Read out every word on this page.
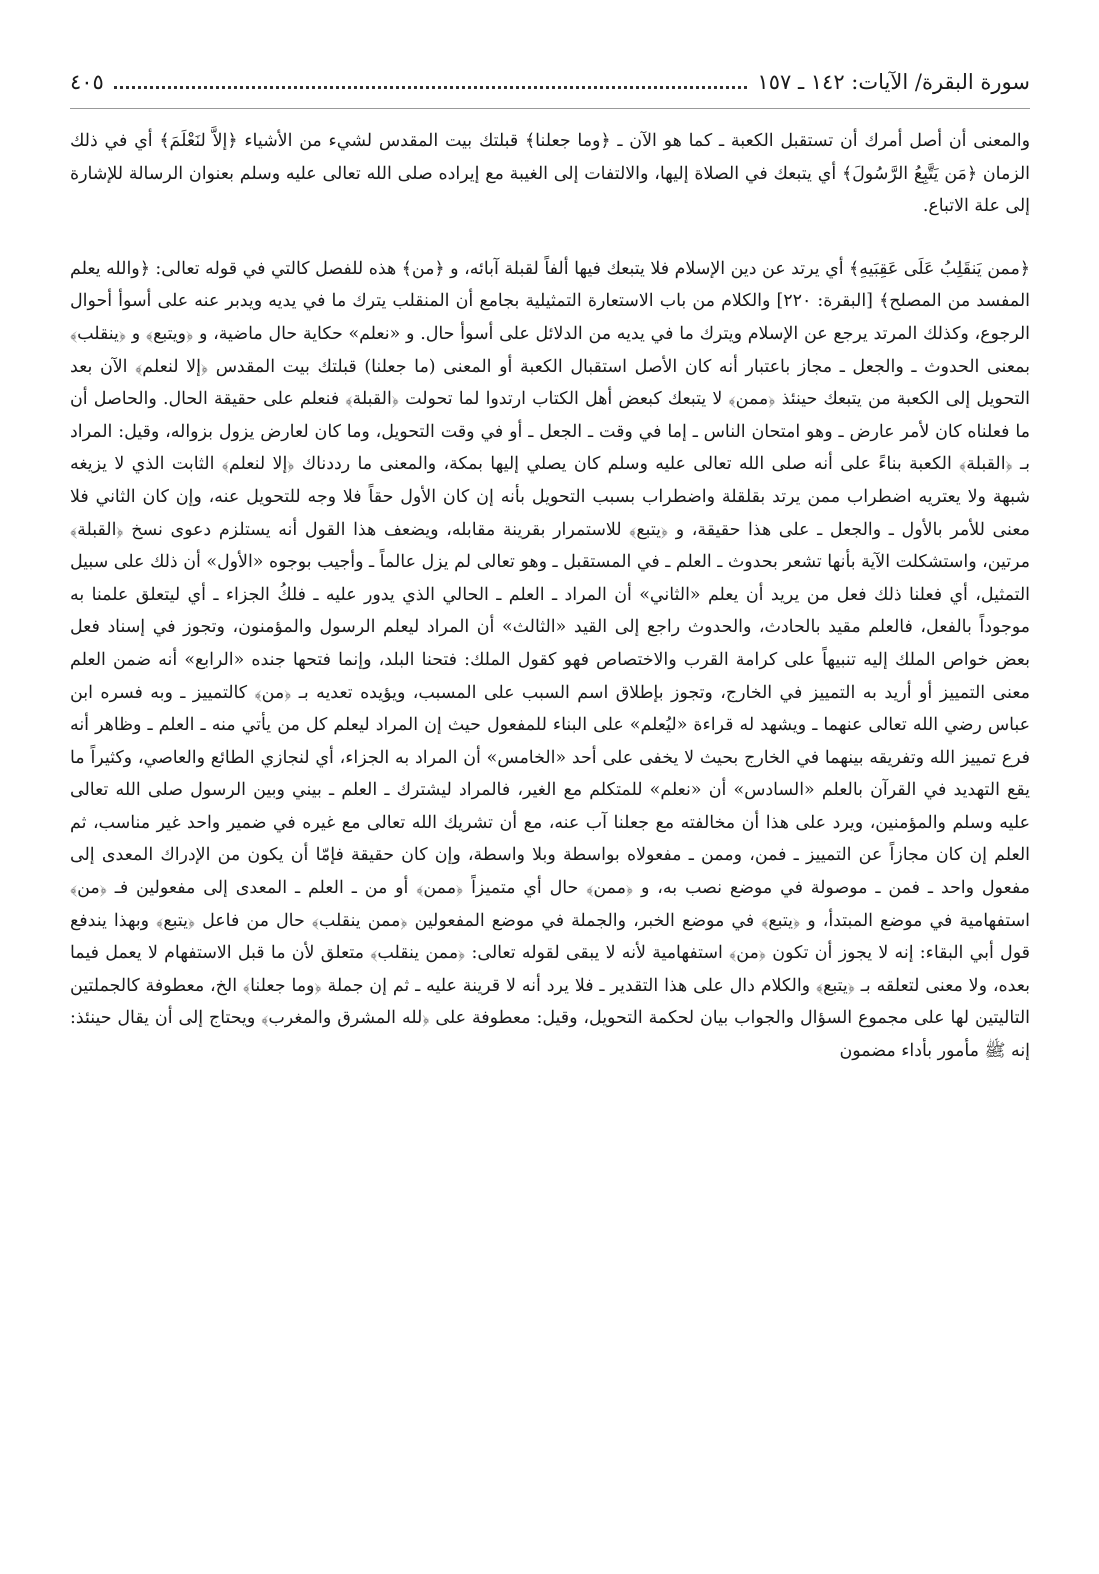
سورة البقرة/ الآيات: ١٤٢ ـ ١٥٧
٤٠٥

والمعنى أن أصل أمرك أن تستقبل الكعبة ـ كما هو الآن ـ ﴿وما جعلنا﴾ قبلتك بيت المقدس لشيء من الأشياء ﴿إلاَّ لنَعْلَمَ﴾ أي في ذلك الزمان ﴿مَن يَتَّبِعُ الرَّسُولَ﴾ أي يتبعك في الصلاة إليها، والالتفات إلى الغيبة مع إيراده صلى الله تعالى عليه وسلم بعنوان الرسالة للإشارة إلى علة الاتباع.

﴿ممن يَنقَلِبُ عَلَى عَقِبَيهِ﴾ أي يرتد عن دين الإسلام فلا يتبعك فيها ألفاً لقبلة آبائه، و ﴿من﴾ هذه للفصل كالتي في قوله تعالى: ﴿والله يعلم المفسد من المصلح﴾ [البقرة: ٢٢٠] والكلام من باب الاستعارة التمثيلية بجامع أن المنقلب يترك ما في يديه ويدبر عنه على أسوأ أحوال الرجوع، وكذلك المرتد يرجع عن الإسلام ويترك ما في يديه من الدلائل على أسوأ حال. و «نعلم» حكاية حال ماضية، و ﴿ويتبع﴾ و ﴿ينقلب﴾ بمعنى الحدوث ـ والجعل ـ مجاز باعتبار أنه كان الأصل استقبال الكعبة أو المعنى (ما جعلنا) قبلتك بيت المقدس ﴿إلا لنعلم﴾ الآن بعد التحويل إلى الكعبة من يتبعك حينئذ ﴿ممن﴾ لا يتبعك كبعض أهل الكتاب ارتدوا لما تحولت ﴿القبلة﴾ فنعلم على حقيقة الحال. والحاصل أن ما فعلناه كان لأمر عارض ـ وهو امتحان الناس ـ إما في وقت ـ الجعل ـ أو في وقت التحويل، وما كان لعارض يزول بزواله، وقيل: المراد بـ ﴿القبلة﴾ الكعبة بناءً على أنه صلى الله تعالى عليه وسلم كان يصلي إليها بمكة، والمعنى ما رددناك ﴿إلا لنعلم﴾ الثابت الذي لا يزيغه شبهة ولا يعتريه اضطراب ممن يرتد بقلقلة واضطراب بسبب التحويل بأنه إن كان الأول حقاً فلا وجه للتحويل عنه، وإن كان الثاني فلا معنى للأمر بالأول ـ والجعل ـ على هذا حقيقة، و ﴿يتبع﴾ للاستمرار بقرينة مقابله، ويضعف هذا القول أنه يستلزم دعوى نسخ ﴿القبلة﴾ مرتين، واستشكلت الآية بأنها تشعر بحدوث ـ العلم ـ في المستقبل ـ وهو تعالى لم يزل عالماً ـ وأجيب بوجوه «الأول» أن ذلك على سبيل التمثيل، أي فعلنا ذلك فعل من يريد أن يعلم «الثاني» أن المراد ـ العلم ـ الحالي الذي يدور عليه ـ فلكُ الجزاء ـ أي ليتعلق علمنا به موجوداً بالفعل، فالعلم مقيد بالحادث، والحدوث راجع إلى القيد «الثالث» أن المراد ليعلم الرسول والمؤمنون، وتجوز في إسناد فعل بعض خواص الملك إليه تنبيهاً على كرامة القرب والاختصاص فهو كقول الملك: فتحنا البلد، وإنما فتحها جنده «الرابع» أنه ضمن العلم معنى التمييز أو أريد به التمييز في الخارج، وتجوز بإطلاق اسم السبب على المسبب، ويؤيده تعديه بـ ﴿من﴾ كالتمييز ـ وبه فسره ابن عباس رضي الله تعالى عنهما ـ ويشهد له قراءة «ليُعلم» على البناء للمفعول حيث إن المراد ليعلم كل من يأتي منه ـ العلم ـ وظاهر أنه فرع تمييز الله وتفريقه بينهما في الخارج بحيث لا يخفى على أحد «الخامس» أن المراد به الجزاء، أي لنجازي الطائع والعاصي، وكثيراً ما يقع التهديد في القرآن بالعلم «السادس» أن «نعلم» للمتكلم مع الغير، فالمراد ليشترك ـ العلم ـ بيني وبين الرسول صلى الله تعالى عليه وسلم والمؤمنين، ويرد على هذا أن مخالفته مع جعلنا آب عنه، مع أن تشريك الله تعالى مع غيره في ضمير واحد غير مناسب، ثم العلم إن كان مجازاً عن التمييز ـ فمن، وممن ـ مفعولاه بواسطة وبلا واسطة، وإن كان حقيقة فإمّا أن يكون من الإدراك المعدى إلى مفعول واحد ـ فمن ـ موصولة في موضع نصب به، و ﴿ممن﴾ حال أي متميزاً ﴿ممن﴾ أو من ـ العلم ـ المعدى إلى مفعولين فـ ﴿من﴾ استفهامية في موضع المبتدأ، و ﴿يتبع﴾ في موضع الخبر، والجملة في موضع المفعولين ﴿ممن ينقلب﴾ حال من فاعل ﴿يتبع﴾ وبهذا يندفع قول أبي البقاء: إنه لا يجوز أن تكون ﴿من﴾ استفهامية لأنه لا يبقى لقوله تعالى: ﴿ممن ينقلب﴾ متعلق لأن ما قبل الاستفهام لا يعمل فيما بعده، ولا معنى لتعلقه بـ ﴿يتبع﴾ والكلام دال على هذا التقدير ـ فلا يرد أنه لا قرينة عليه ـ ثم إن جملة ﴿وما جعلنا﴾ الخ، معطوفة كالجملتين التاليتين لها على مجموع السؤال والجواب بيان لحكمة التحويل، وقيل: معطوفة على ﴿لله المشرق والمغرب﴾ ويحتاج إلى أن يقال حينئذ: إنه ﷺ مأمور بأداء مضمون
